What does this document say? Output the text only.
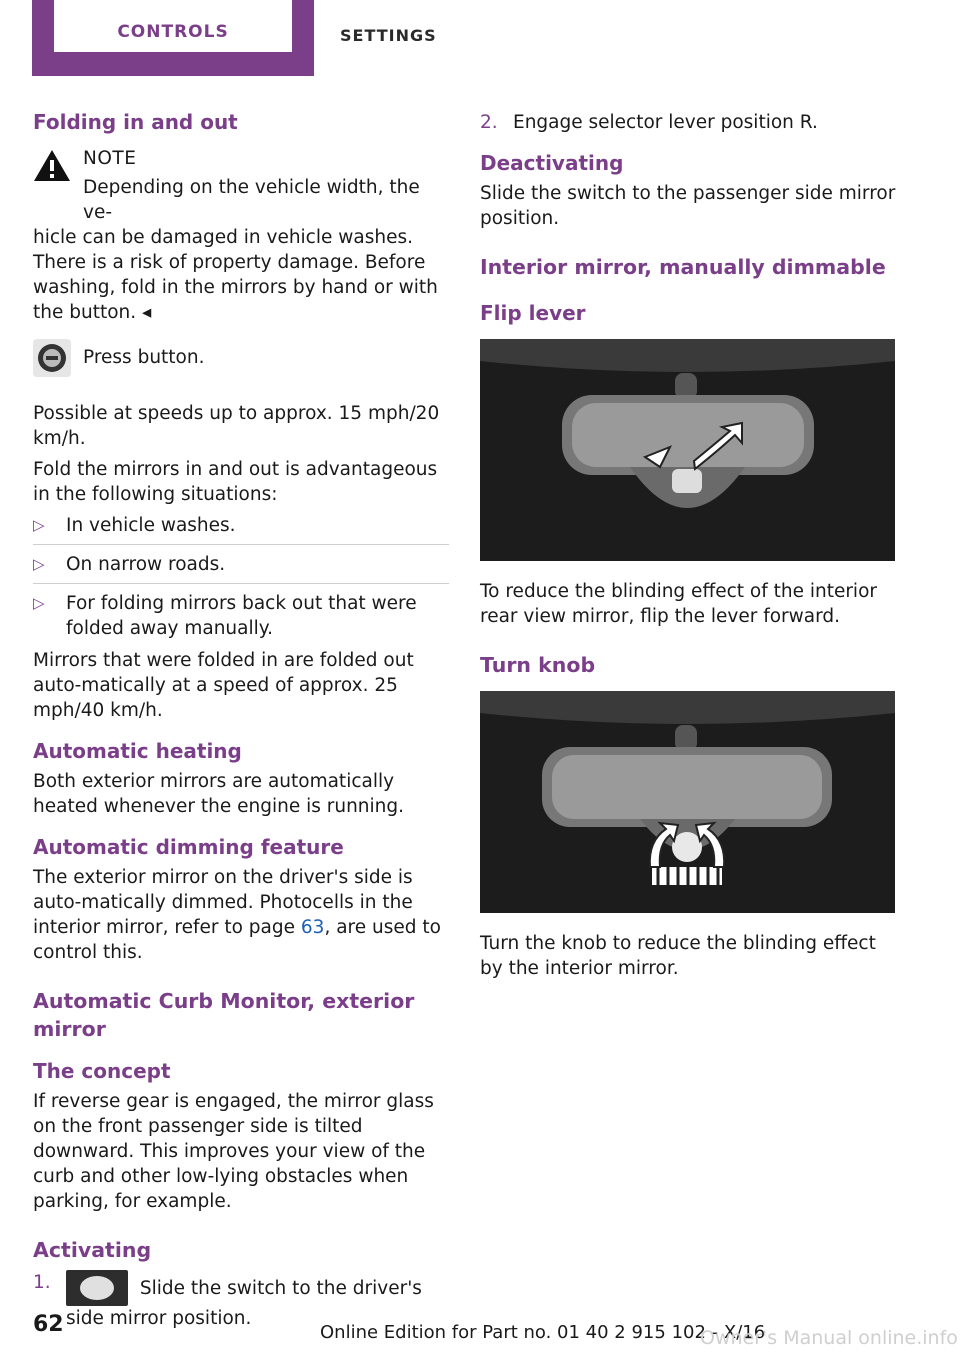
CONTROLS	SETTINGS
Folding in and out
NOTE
Depending on the vehicle width, the ve‐
hicle can be damaged in vehicle washes. There is a risk of property damage. Before washing, fold in the mirrors by hand or with the button. ◂
Press button.

Possible at speeds up to approx. 15 mph/20 km/h.

Fold the mirrors in and out is advantageous in the following situations:

▷ In vehicle washes.
▷ On narrow roads.
▷ For folding mirrors back out that were folded away manually.

Mirrors that were folded in are folded out auto‐matically at a speed of approx. 25 mph/40 km/h.

Automatic heating

Both exterior mirrors are automatically heated whenever the engine is running.

Automatic dimming feature

The exterior mirror on the driver's side is auto‐matically dimmed. Photocells in the interior mirror, refer to page 63, are used to control this.

Automatic Curb Monitor, exterior mirror
The concept

If reverse gear is engaged, the mirror glass on the front passenger side is tilted downward. This improves your view of the curb and other low-lying obstacles when parking, for example.

Activating
1.	Slide the switch to the driver's side mirror position.
2. Engage selector lever position R.
Deactivating

Slide the switch to the passenger side mirror position.

Interior mirror, manually dimmable
Flip lever

To reduce the blinding effect of the interior rear view mirror, flip the lever forward.

Turn knob

Turn the knob to reduce the blinding effect by the interior mirror.

62	Online Edition for Part no. 01 40 2 915 102 - X/16
Owner's Manual online.info
